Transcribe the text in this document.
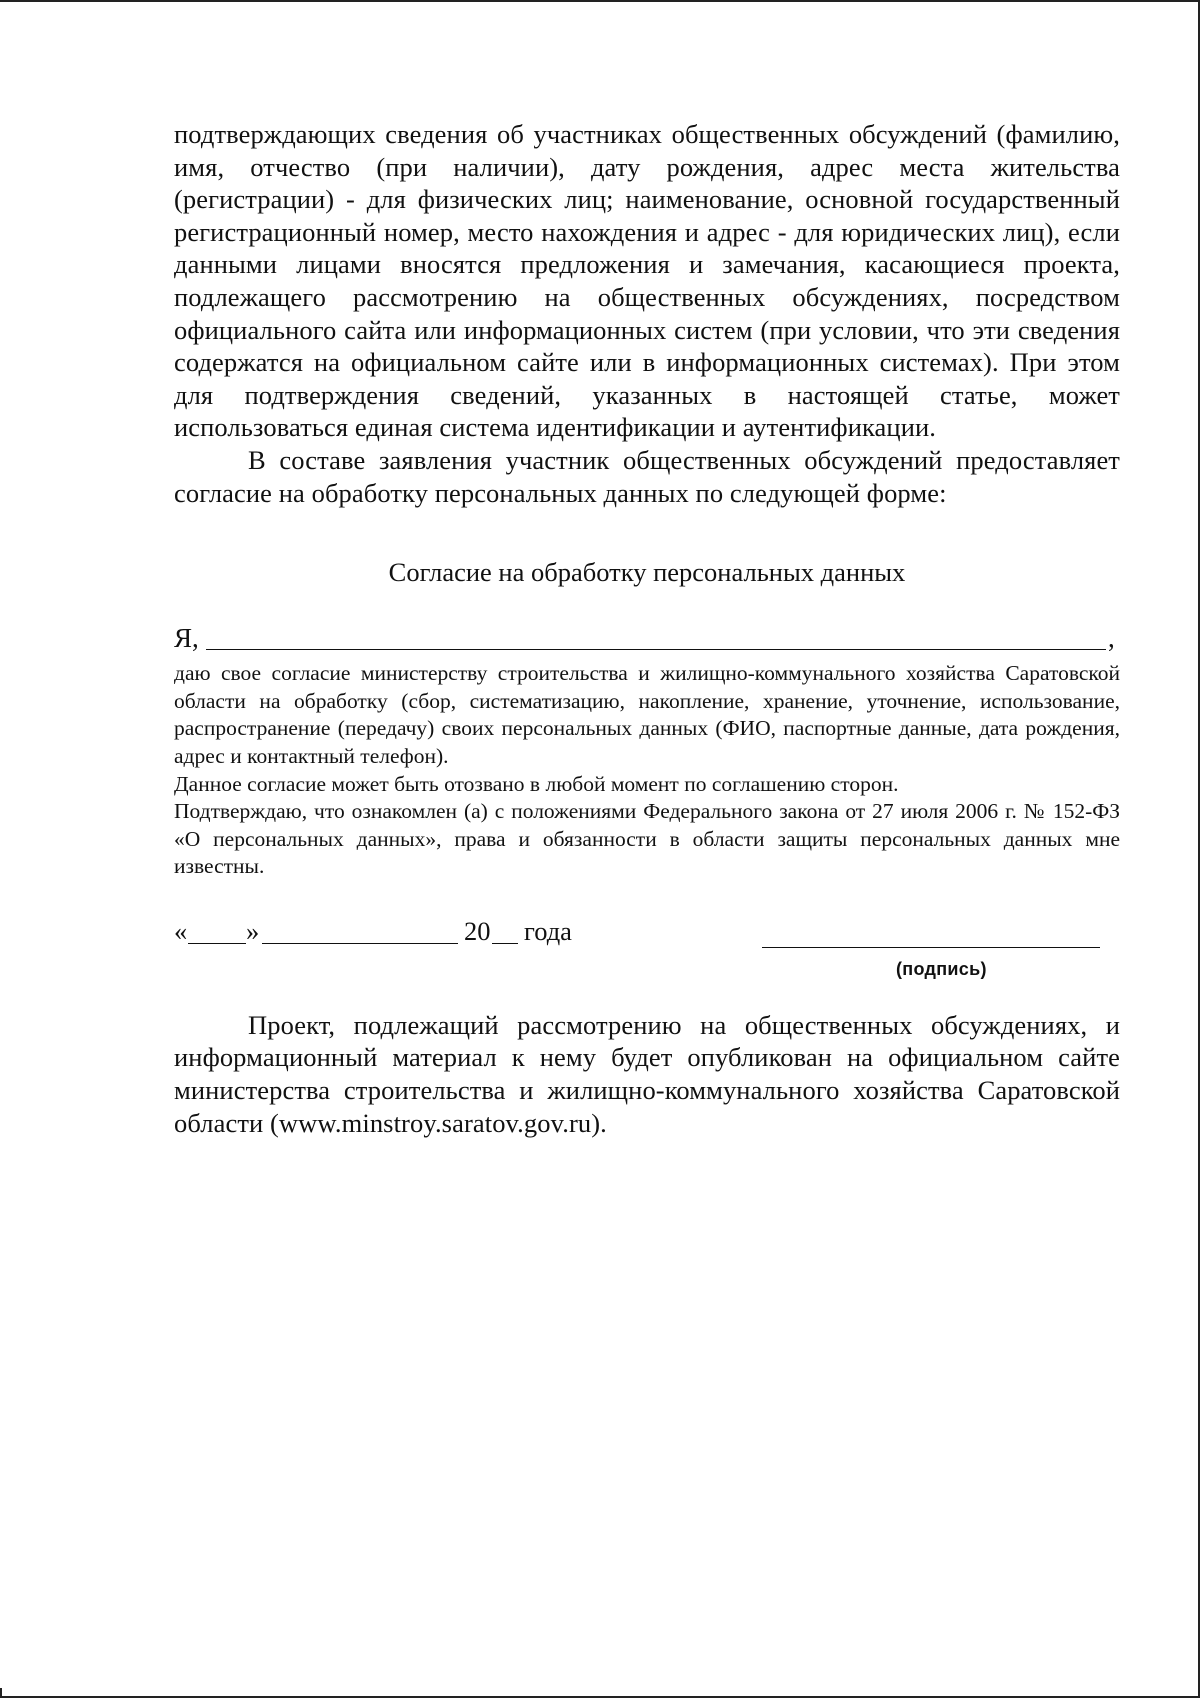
подтверждающих сведения об участниках общественных обсуждений (фамилию, имя, отчество (при наличии), дату рождения, адрес места жительства (регистрации) - для физических лиц; наименование, основной государственный регистрационный номер, место нахождения и адрес - для юридических лиц), если данными лицами вносятся предложения и замечания, касающиеся проекта, подлежащего рассмотрению на общественных обсуждениях, посредством официального сайта или информационных систем (при условии, что эти сведения содержатся на официальном сайте или в информационных системах). При этом для подтверждения сведений, указанных в настоящей статье, может использоваться единая система идентификации и аутентификации.

В составе заявления участник общественных обсуждений предоставляет согласие на обработку персональных данных по следующей форме:

Согласие на обработку персональных данных

Я,	,

даю свое согласие министерству строительства и жилищно-коммунального хозяйства Саратовской области на обработку (сбор, систематизацию, накопление, хранение, уточнение, использование, распространение (передачу) своих персональных данных (ФИО, паспортные данные, дата рождения, адрес и контактный телефон).

Данное согласие может быть отозвано в любой момент по соглашению сторон.

Подтверждаю, что ознакомлен (а) с положениями Федерального закона от 27 июля 2006 г. № 152-ФЗ «О персональных данных», права и обязанности в области защиты персональных данных мне известны.

« »	20 года
(подпись)

Проект, подлежащий рассмотрению на общественных обсуждениях, и информационный материал к нему будет опубликован на официальном сайте министерства строительства и жилищно-коммунального хозяйства Саратовской области (www.minstroy.saratov.gov.ru).
